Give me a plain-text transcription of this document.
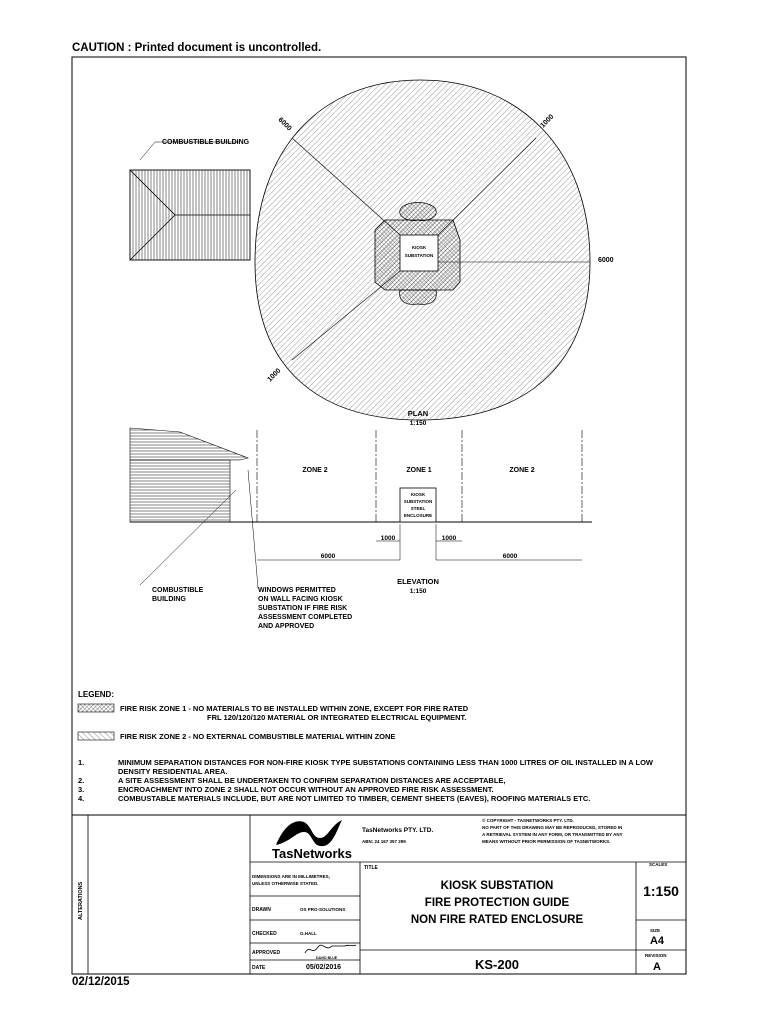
CAUTION : Printed document is uncontrolled.
02/12/2015
KIOSK
SUBSTATION
6000	1000
6000
1000
COMBUSTIBLE BUILDING
PLAN
1:150
ZONE 2	ZONE 1	ZONE 2
KIOSK
SUBSTATION
STEEL
ENCLOSURE
1000	1000
6000	6000
COMBUSTIBLE
BUILDING
WINDOWS PERMITTED
ON WALL FACING KIOSK
SUBSTATION IF FIRE RISK
ASSESSMENT COMPLETED
AND APPROVED
ELEVATION
1:150
TasNetworks
ALTERATIONS
TasNetworks PTY. LTD.
ABN: 24 167 357 299
© COPYRIGHT - TASNETWORKS PTY. LTD.
NO PART OF THIS DRAWING MAY BE REPRODUCED, STORED IN
A RETRIEVAL SYSTEM IN ANY FORM, OR TRANSMITTED BY ANY
MEANS WITHOUT PRIOR PERMISSION OF TASNETWORKS.
DIMENSIONS ARE IN MILLIMETRES,
UNLESS OTHERWISE STATED.
DRAWN	OS PRO-SOLUTIONS
CHECKED	G.HALL
APPROVED
DAVID BLUE
DATE	05/02/2016
TITLE
KIOSK SUBSTATION
FIRE PROTECTION GUIDE
NON FIRE RATED ENCLOSURE
SCALES
1:150
SIZE
A4
REVISION
A
KS-200
LEGEND:
FIRE RISK ZONE 1 - NO MATERIALS TO BE INSTALLED WITHIN ZONE, EXCEPT FOR FIRE RATED
FRL 120/120/120 MATERIAL OR INTEGRATED ELECTRICAL EQUIPMENT.
FIRE RISK ZONE 2 - NO EXTERNAL COMBUSTIBLE MATERIAL WITHIN ZONE
1.	MINIMUM SEPARATION DISTANCES FOR NON-FIRE KIOSK TYPE SUBSTATIONS CONTAINING LESS THAN 1000 LITRES OF OIL INSTALLED IN A LOW DENSITY RESIDENTIAL AREA.
2.	A SITE ASSESSMENT SHALL BE UNDERTAKEN TO CONFIRM SEPARATION DISTANCES ARE ACCEPTABLE,
3.	ENCROACHMENT INTO ZONE 2 SHALL NOT OCCUR WITHOUT AN APPROVED FIRE RISK ASSESSMENT.
4.	COMBUSTABLE MATERIALS INCLUDE, BUT ARE NOT LIMITED TO TIMBER, CEMENT SHEETS (EAVES), ROOFING MATERIALS ETC.
